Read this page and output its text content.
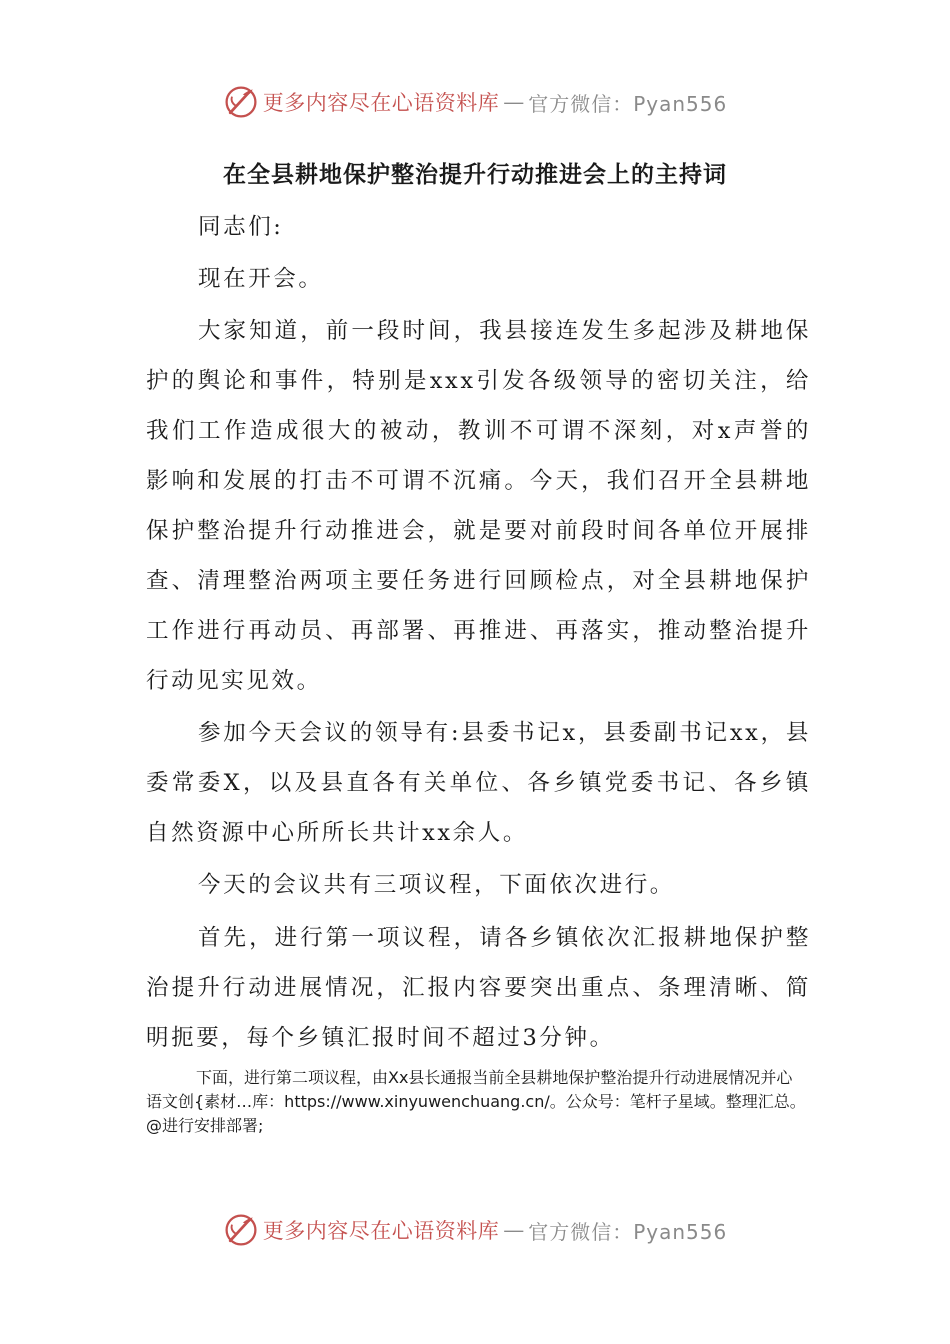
更多内容尽在心语资料库 — 官方微信：Pyan556
在全县耕地保护整治提升行动推进会上的主持词

同志们:

现在开会。

大家知道，前一段时间，我县接连发生多起涉及耕地保护的舆论和事件，特别是xxx引发各级领导的密切关注，给我们工作造成很大的被动，教训不可谓不深刻，对x声誉的影响和发展的打击不可谓不沉痛。今天，我们召开全县耕地保护整治提升行动推进会，就是要对前段时间各单位开展排查、清理整治两项主要任务进行回顾检点，对全县耕地保护工作进行再动员、再部署、再推进、再落实，推动整治提升行动见实见效。

参加今天会议的领导有:县委书记x，县委副书记xx，县委常委X，以及县直各有关单位、各乡镇党委书记、各乡镇自然资源中心所所长共计xx余人。

今天的会议共有三项议程，下面依次进行。

首先，进行第一项议程，请各乡镇依次汇报耕地保护整治提升行动进展情况，汇报内容要突出重点、条理清晰、简明扼要，每个乡镇汇报时间不超过3分钟。

下面，进行第二项议程，由Xx县长通报当前全县耕地保护整治提升行动进展情况并心语文创{素材…库：https://www.xinyuwenchuang.cn/。公众号：笔杆子星域。整理汇总。@进行安排部署;

更多内容尽在心语资料库 — 官方微信：Pyan556
